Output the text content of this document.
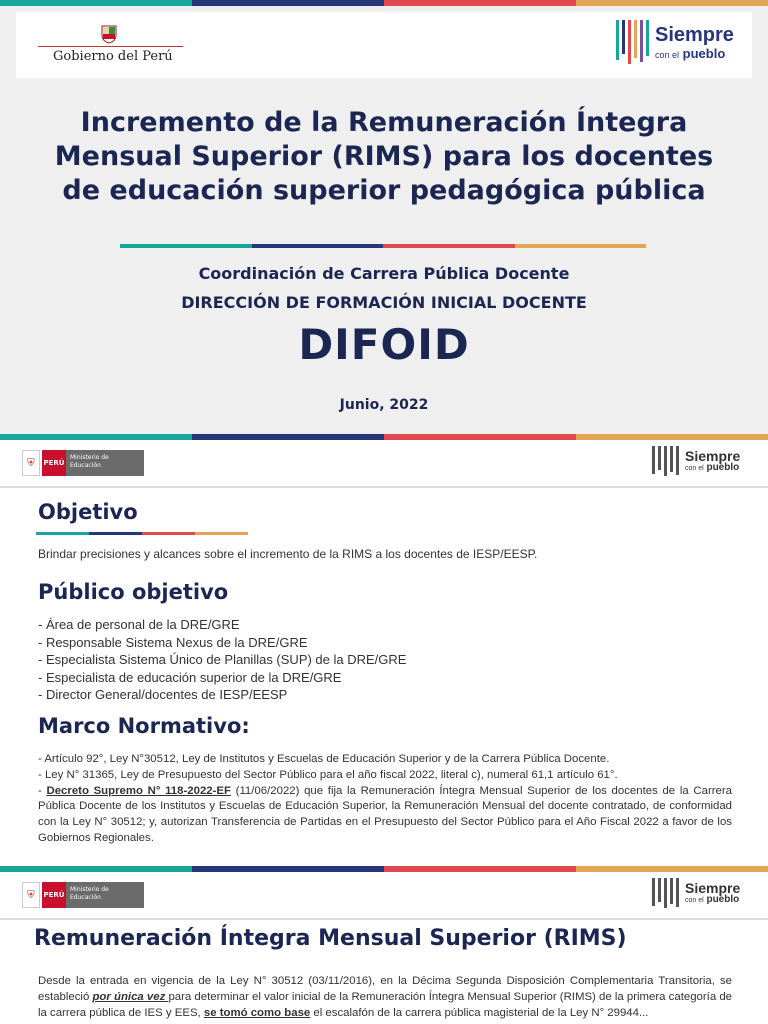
Gobierno del Perú
Siempre
con el pueblo
Incremento de la Remuneración Íntegra Mensual Superior (RIMS) para los docentes de educación superior pedagógica pública
Coordinación de Carrera Pública Docente
DIRECCIÓN DE FORMACIÓN INICIAL DOCENTE
DIFOID
Junio, 2022
⛨	PERÚ
Ministerio de Educación
Siempre
con el pueblo
Objetivo
Brindar precisiones y alcances sobre el incremento de la RIMS a los docentes de IESP/EESP.
Público objetivo
- Área de personal de la DRE/GRE
- Responsable Sistema Nexus de la DRE/GRE
- Especialista Sistema Único de Planillas (SUP) de la DRE/GRE
- Especialista de educación superior de la DRE/GRE
- Director General/docentes de IESP/EESP
Marco Normativo:
- Artículo 92°, Ley N°30512, Ley de Institutos y Escuelas de Educación Superior y de la Carrera Pública Docente.
- Ley N° 31365, Ley de Presupuesto del Sector Público para el año fiscal 2022, literal c), numeral 61,1 artículo 61°.
- Decreto Supremo N° 118-2022-EF (11/06/2022) que fija la Remuneración Íntegra Mensual Superior de los docentes de la Carrera Pública Docente de los Institutos y Escuelas de Educación Superior, la Remuneración Mensual del docente contratado, de conformidad con la Ley N° 30512; y, autorizan Transferencia de Partidas en el Presupuesto del Sector Público para el Año Fiscal 2022 a favor de los Gobiernos Regionales.
⛨	PERÚ
Ministerio de Educación
Siempre
con el pueblo
Remuneración Íntegra Mensual Superior (RIMS)
Desde la entrada en vigencia de la Ley N° 30512 (03/11/2016), en la Décima Segunda Disposición Complementaria Transitoria, se estableció por única vez para determinar el valor inicial de la Remuneración Íntegra Mensual Superior (RIMS) de la primera categoría de la carrera pública de IES y EES, se tomó como base el escalafón de la carrera pública magisterial de la Ley N° 29944...
